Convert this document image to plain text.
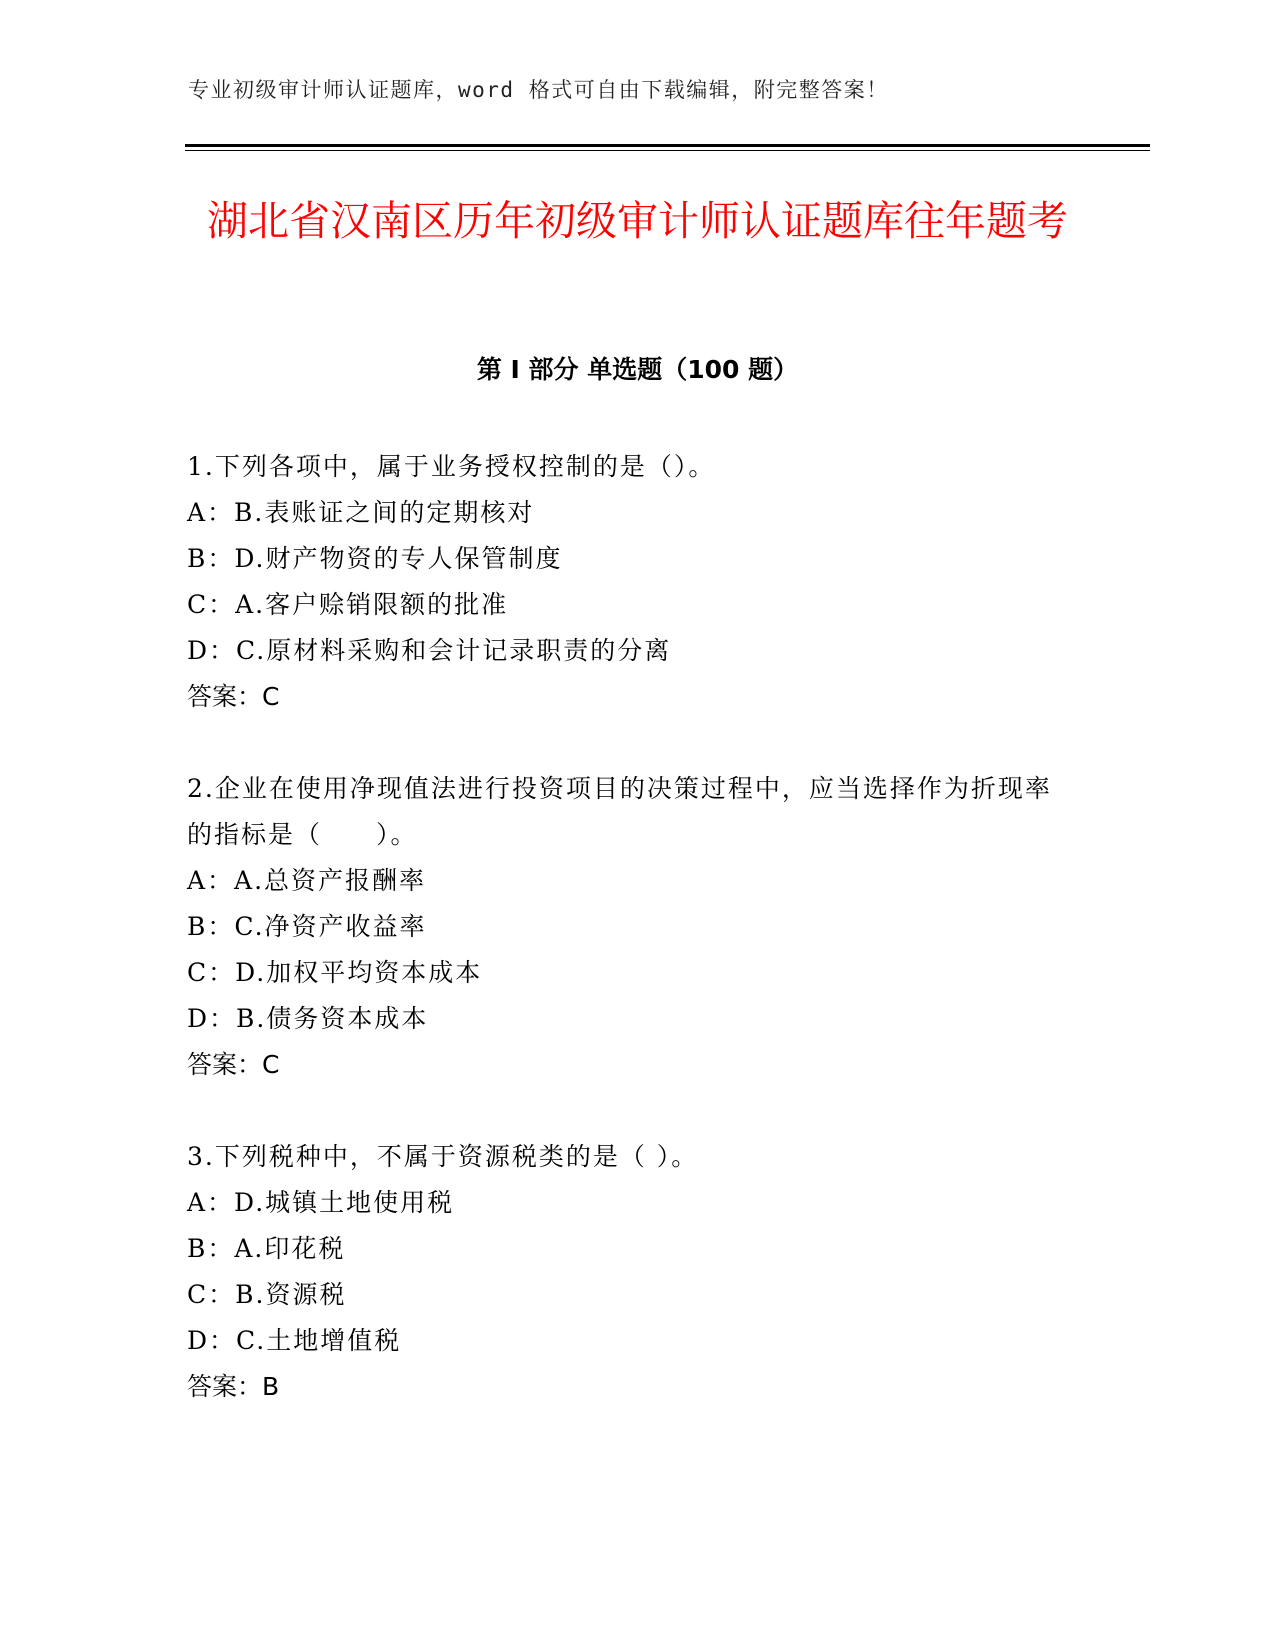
专业初级审计师认证题库，word 格式可自由下载编辑，附完整答案！
湖北省汉南区历年初级审计师认证题库往年题考
第 I 部分 单选题（100 题）
1.下列各项中，属于业务授权控制的是（）。
A：B.表账证之间的定期核对
B：D.财产物资的专人保管制度
C：A.客户赊销限额的批准
D：C.原材料采购和会计记录职责的分离
答案：C
2.企业在使用净现值法进行投资项目的决策过程中，应当选择作为折现率的指标是（　　）。
A：A.总资产报酬率
B：C.净资产收益率
C：D.加权平均资本成本
D：B.债务资本成本
答案：C
3.下列税种中，不属于资源税类的是（ ）。
A：D.城镇土地使用税
B：A.印花税
C：B.资源税
D：C.土地增值税
答案：B
